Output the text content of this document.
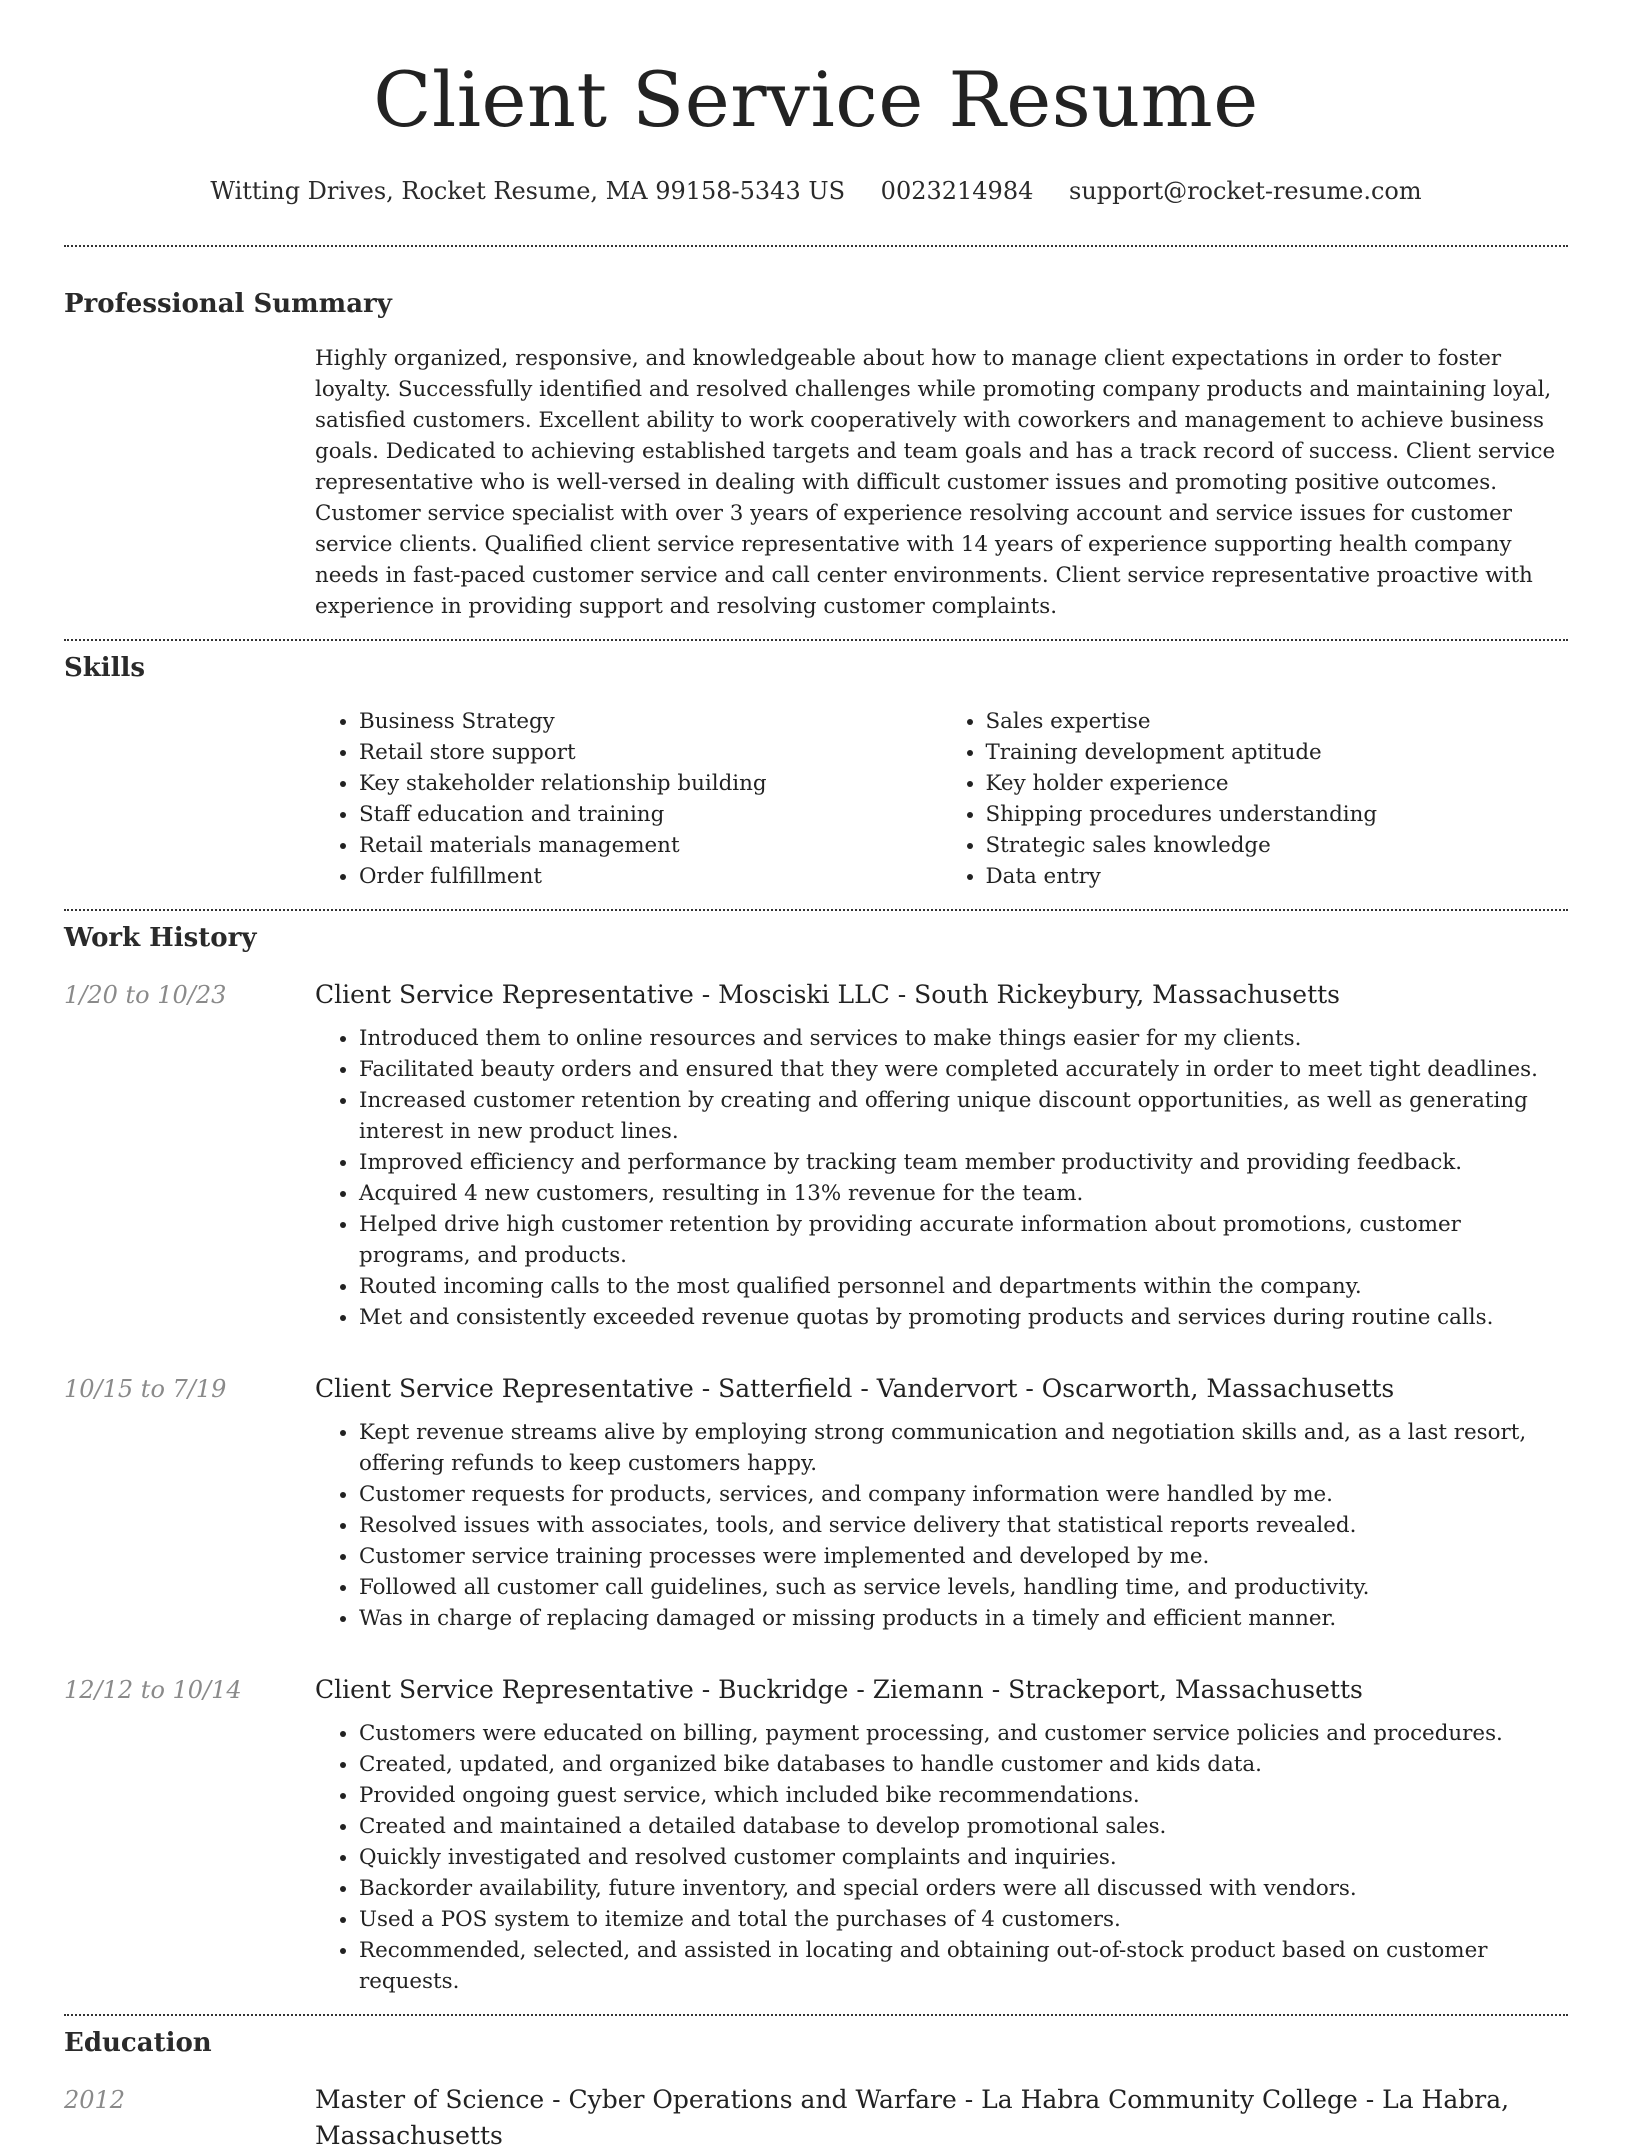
Client Service Resume
Witting Drives, Rocket Resume, MA 99158-5343 US 0023214984 support@rocket-resume.com
Professional Summary
Highly organized, responsive, and knowledgeable about how to manage client expectations in order to foster loyalty. Successfully identified and resolved challenges while promoting company products and maintaining loyal, satisfied customers. Excellent ability to work cooperatively with coworkers and management to achieve business goals. Dedicated to achieving established targets and team goals and has a track record of success. Client service representative who is well-versed in dealing with difficult customer issues and promoting positive outcomes. Customer service specialist with over 3 years of experience resolving account and service issues for customer service clients. Qualified client service representative with 14 years of experience supporting health company needs in fast-paced customer service and call center environments. Client service representative proactive with experience in providing support and resolving customer complaints.
Skills
• Business Strategy
• Retail store support
• Key stakeholder relationship building
• Staff education and training
• Retail materials management
• Order fulfillment
• Sales expertise
• Training development aptitude
• Key holder experience
• Shipping procedures understanding
• Strategic sales knowledge
• Data entry
Work History
1/20 to 10/23	Client Service Representative - Mosciski LLC - South Rickeybury, Massachusetts
• Introduced them to online resources and services to make things easier for my clients.
• Facilitated beauty orders and ensured that they were completed accurately in order to meet tight deadlines.
• Increased customer retention by creating and offering unique discount opportunities, as well as generating interest in new product lines.
• Improved efficiency and performance by tracking team member productivity and providing feedback.
• Acquired 4 new customers, resulting in 13% revenue for the team.
• Helped drive high customer retention by providing accurate information about promotions, customer programs, and products.
• Routed incoming calls to the most qualified personnel and departments within the company.
• Met and consistently exceeded revenue quotas by promoting products and services during routine calls.
10/15 to 7/19	Client Service Representative - Satterfield - Vandervort - Oscarworth, Massachusetts
• Kept revenue streams alive by employing strong communication and negotiation skills and, as a last resort, offering refunds to keep customers happy.
• Customer requests for products, services, and company information were handled by me.
• Resolved issues with associates, tools, and service delivery that statistical reports revealed.
• Customer service training processes were implemented and developed by me.
• Followed all customer call guidelines, such as service levels, handling time, and productivity.
• Was in charge of replacing damaged or missing products in a timely and efficient manner.
12/12 to 10/14	Client Service Representative - Buckridge - Ziemann - Strackeport, Massachusetts
• Customers were educated on billing, payment processing, and customer service policies and procedures.
• Created, updated, and organized bike databases to handle customer and kids data.
• Provided ongoing guest service, which included bike recommendations.
• Created and maintained a detailed database to develop promotional sales.
• Quickly investigated and resolved customer complaints and inquiries.
• Backorder availability, future inventory, and special orders were all discussed with vendors.
• Used a POS system to itemize and total the purchases of 4 customers.
• Recommended, selected, and assisted in locating and obtaining out-of-stock product based on customer requests.
Education
2012	Master of Science - Cyber Operations and Warfare - La Habra Community College - La Habra, Massachusetts
